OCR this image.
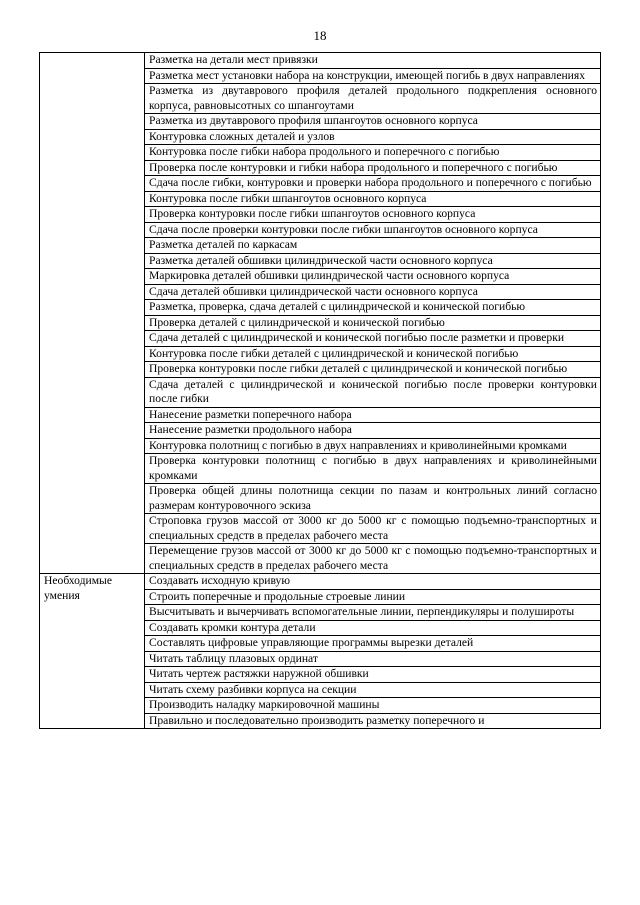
18
	Разметка на детали мест привязки
	Разметка мест установки набора на конструкции, имеющей погибь в двух направлениях
	Разметка из двутаврового профиля деталей продольного подкрепления основного корпуса, равновысотных со шпангоутами
	Разметка из двутаврового профиля шпангоутов основного корпуса
	Контуровка сложных деталей и узлов
	Контуровка после гибки набора продольного и поперечного с погибью
	Проверка после контуровки и гибки набора продольного и поперечного с погибью
	Сдача после гибки, контуровки и проверки набора продольного и поперечного с погибью
	Контуровка после гибки шпангоутов основного корпуса
	Проверка контуровки после гибки шпангоутов основного корпуса
	Сдача после проверки контуровки после гибки шпангоутов основного корпуса
	Разметка деталей по каркасам
	Разметка деталей обшивки цилиндрической части основного корпуса
	Маркировка деталей обшивки цилиндрической части основного корпуса
	Сдача деталей обшивки цилиндрической части основного корпуса
	Разметка, проверка, сдача деталей с цилиндрической и конической погибью
	Проверка деталей с цилиндрической и конической погибью
	Сдача деталей с цилиндрической и конической погибью после разметки и проверки
	Контуровка после гибки деталей с цилиндрической и конической погибью
	Проверка контуровки после гибки деталей с цилиндрической и конической погибью
	Сдача деталей с цилиндрической и конической погибью после проверки контуровки после гибки
	Нанесение разметки поперечного набора
	Нанесение разметки продольного набора
	Контуровка полотнищ с погибью в двух направлениях и криволинейными кромками
	Проверка контуровки полотнищ с погибью в двух направлениях и криволинейными кромками
	Проверка общей длины полотнища секции по пазам и контрольных линий согласно размерам контуровочного эскиза
	Строповка грузов массой от 3000 кг до 5000 кг с помощью подъемно-транспортных и специальных средств в пределах рабочего места
	Перемещение грузов массой от 3000 кг до 5000 кг с помощью подъемно-транспортных и специальных средств в пределах рабочего места
Необходимые умения	Создавать исходную кривую
	Строить поперечные и продольные строевые линии
	Высчитывать и вычерчивать вспомогательные линии, перпендикуляры и полуширoты
	Создавать кромки контура детали
	Составлять цифровые управляющие программы вырезки деталей
	Читать таблицу плазовых ординат
	Читать чертеж растяжки наружной обшивки
	Читать схему разбивки корпуса на секции
	Производить наладку маркировочной машины
	Правильно и последовательно производить разметку поперечного и
